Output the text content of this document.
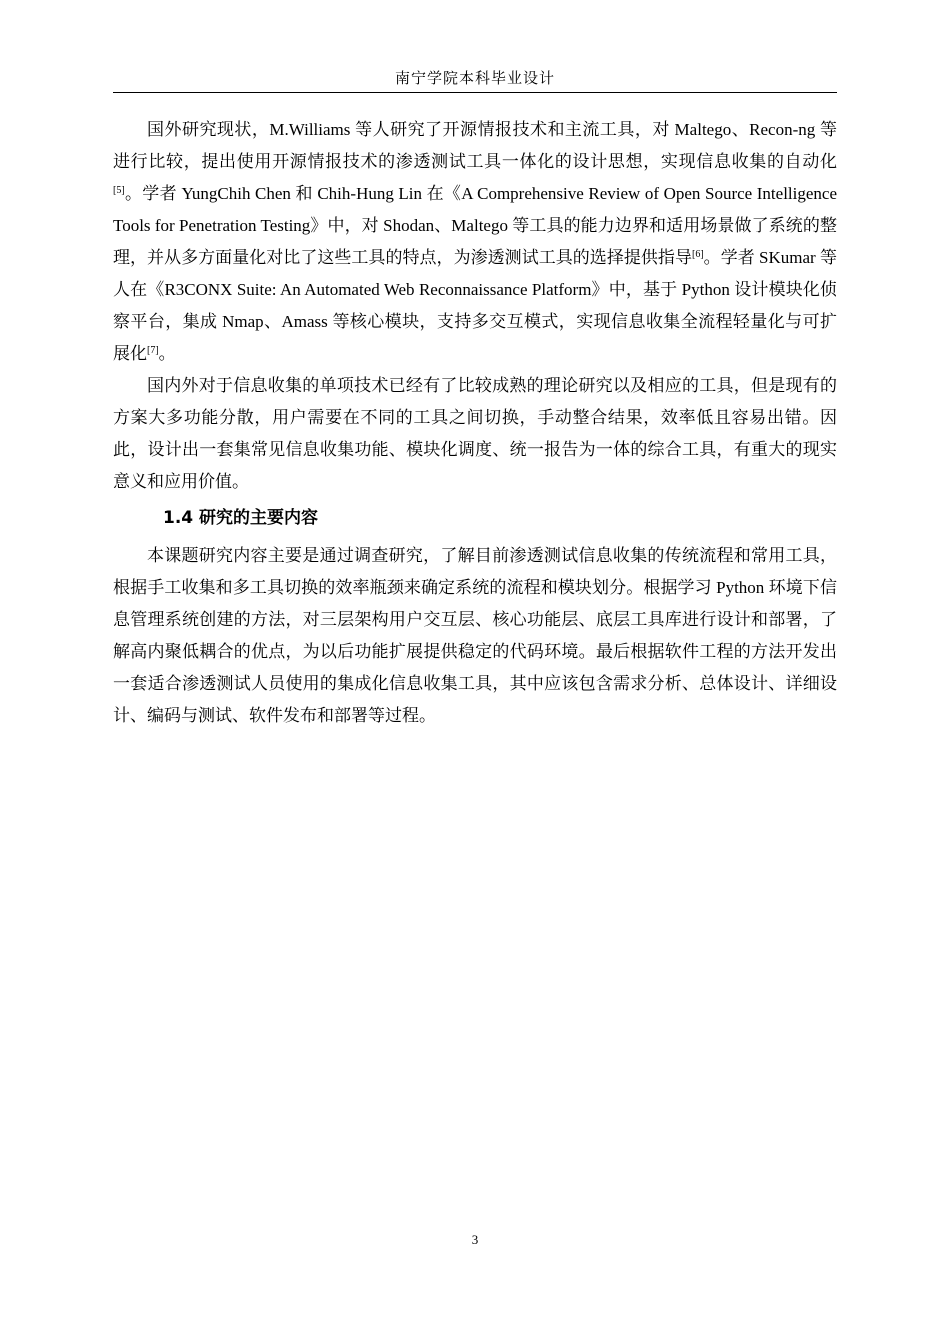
南宁学院本科毕业设计

国外研究现状，M.Williams 等人研究了开源情报技术和主流工具，对 Maltego、Recon-ng 等进行比较，提出使用开源情报技术的渗透测试工具一体化的设计思想，实现信息收集的自动化[5]。学者 YungChih Chen 和 Chih-Hung Lin 在《A Comprehensive Review of Open Source Intelligence Tools for Penetration Testing》中，对 Shodan、Maltego 等工具的能力边界和适用场景做了系统的整理，并从多方面量化对比了这些工具的特点，为渗透测试工具的选择提供指导[6]。学者 SKumar 等人在《R3CONX Suite: An Automated Web Reconnaissance Platform》中，基于 Python 设计模块化侦察平台，集成 Nmap、Amass 等核心模块，支持多交互模式，实现信息收集全流程轻量化与可扩展化[7]。

国内外对于信息收集的单项技术已经有了比较成熟的理论研究以及相应的工具，但是现有的方案大多功能分散，用户需要在不同的工具之间切换，手动整合结果，效率低且容易出错。因此，设计出一套集常见信息收集功能、模块化调度、统一报告为一体的综合工具，有重大的现实意义和应用价值。

1.4 研究的主要内容

本课题研究内容主要是通过调查研究，了解目前渗透测试信息收集的传统流程和常用工具，根据手工收集和多工具切换的效率瓶颈来确定系统的流程和模块划分。根据学习 Python 环境下信息管理系统创建的方法，对三层架构用户交互层、核心功能层、底层工具库进行设计和部署，了解高内聚低耦合的优点，为以后功能扩展提供稳定的代码环境。最后根据软件工程的方法开发出一套适合渗透测试人员使用的集成化信息收集工具，其中应该包含需求分析、总体设计、详细设计、编码与测试、软件发布和部署等过程。

3
